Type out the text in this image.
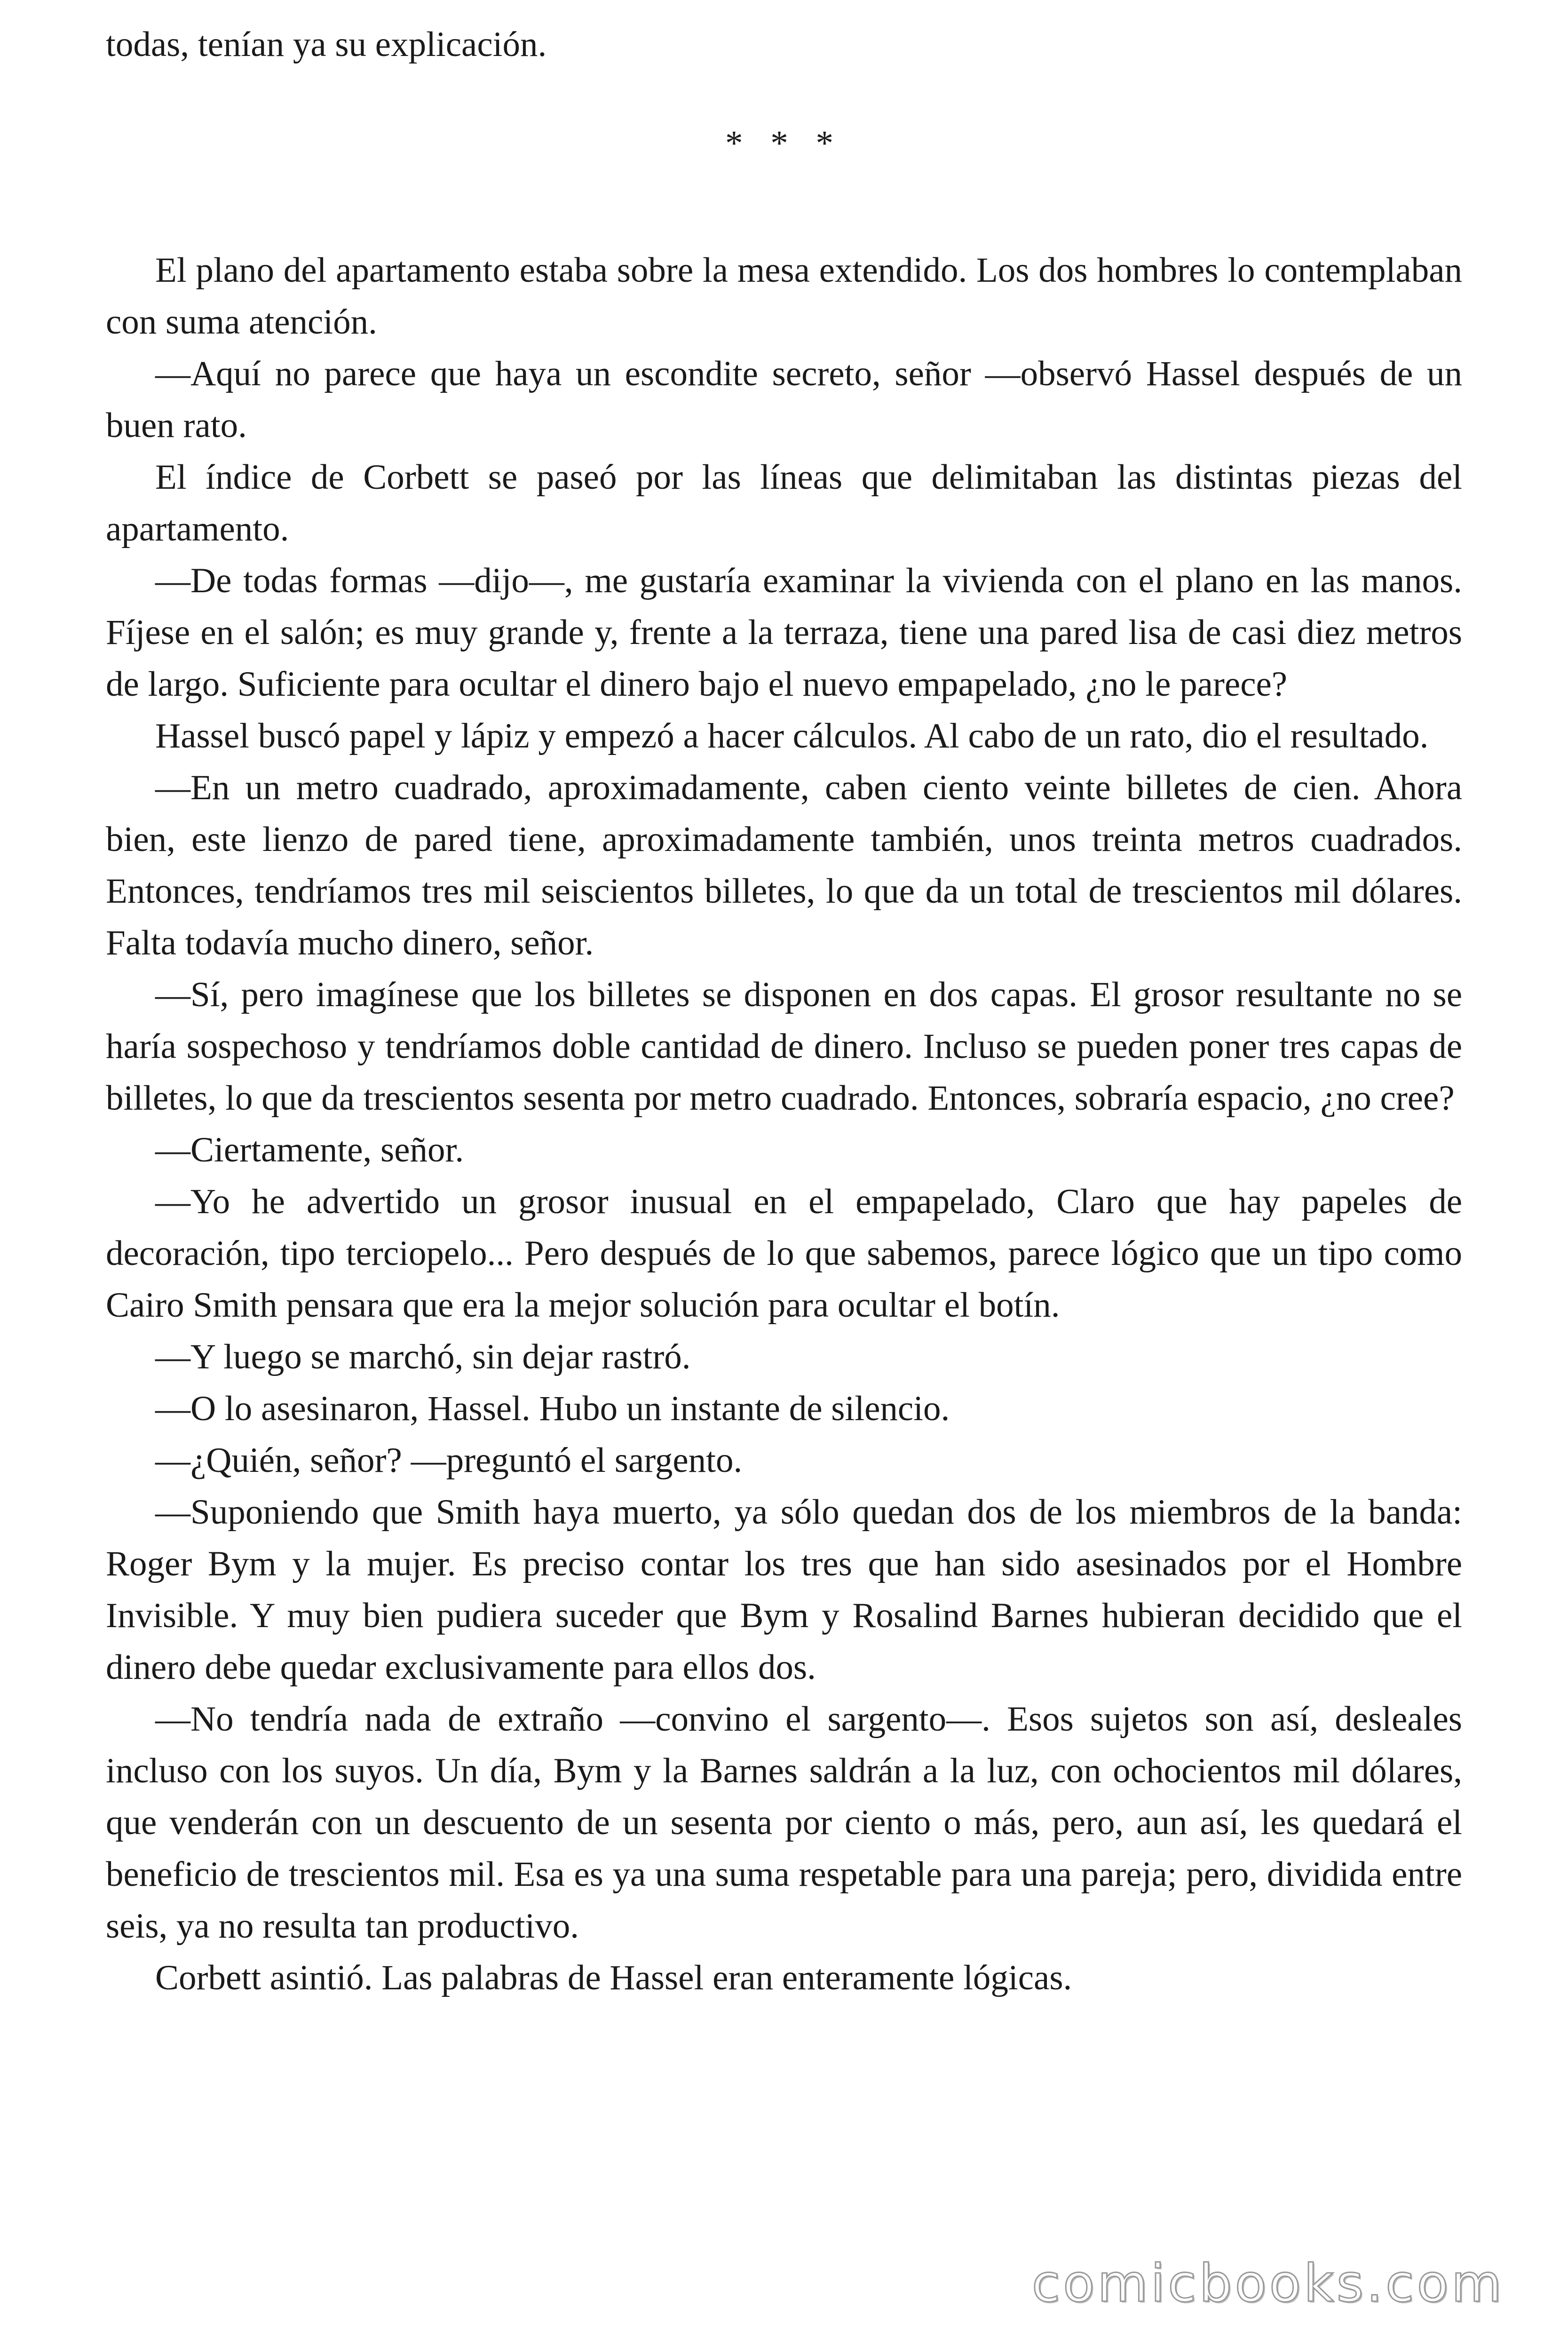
todas, tenían ya su explicación.

* * *

El plano del apartamento estaba sobre la mesa extendido. Los dos hombres lo contemplaban con suma atención.

—Aquí no parece que haya un escondite secreto, señor —observó Hassel después de un buen rato.

El índice de Corbett se paseó por las líneas que delimitaban las distintas piezas del apartamento.

—De todas formas —dijo—, me gustaría examinar la vivienda con el plano en las manos. Fíjese en el salón; es muy grande y, frente a la terraza, tiene una pared lisa de casi diez metros de largo. Suficiente para ocultar el dinero bajo el nuevo empapelado, ¿no le parece?

Hassel buscó papel y lápiz y empezó a hacer cálculos. Al cabo de un rato, dio el resultado.

—En un metro cuadrado, aproximadamente, caben ciento veinte billetes de cien. Ahora bien, este lienzo de pared tiene, aproximadamente también, unos treinta metros cuadrados. Entonces, tendríamos tres mil seiscientos billetes, lo que da un total de trescientos mil dólares. Falta todavía mucho dinero, señor.

—Sí, pero imagínese que los billetes se disponen en dos capas. El grosor resultante no se haría sospechoso y tendríamos doble cantidad de dinero. Incluso se pueden poner tres capas de billetes, lo que da trescientos sesenta por metro cuadrado. Entonces, sobraría espacio, ¿no cree?

—Ciertamente, señor.

—Yo he advertido un grosor inusual en el empapelado, Claro que hay papeles de decoración, tipo terciopelo... Pero después de lo que sabemos, parece lógico que un tipo como Cairo Smith pensara que era la mejor solución para ocultar el botín.

—Y luego se marchó, sin dejar rastró.

—O lo asesinaron, Hassel. Hubo un instante de silencio.

—¿Quién, señor? —preguntó el sargento.

—Suponiendo que Smith haya muerto, ya sólo quedan dos de los miembros de la banda: Roger Bym y la mujer. Es preciso contar los tres que han sido asesinados por el Hombre Invisible. Y muy bien pudiera suceder que Bym y Rosalind Barnes hubieran decidido que el dinero debe quedar exclusivamente para ellos dos.

—No tendría nada de extraño —convino el sargento—. Esos sujetos son así, desleales incluso con los suyos. Un día, Bym y la Barnes saldrán a la luz, con ochocientos mil dólares, que venderán con un descuento de un sesenta por ciento o más, pero, aun así, les quedará el beneficio de trescientos mil. Esa es ya una suma respetable para una pareja; pero, dividida entre seis, ya no resulta tan productivo.

Corbett asintió. Las palabras de Hassel eran enteramente lógicas.

comicbooks.com
